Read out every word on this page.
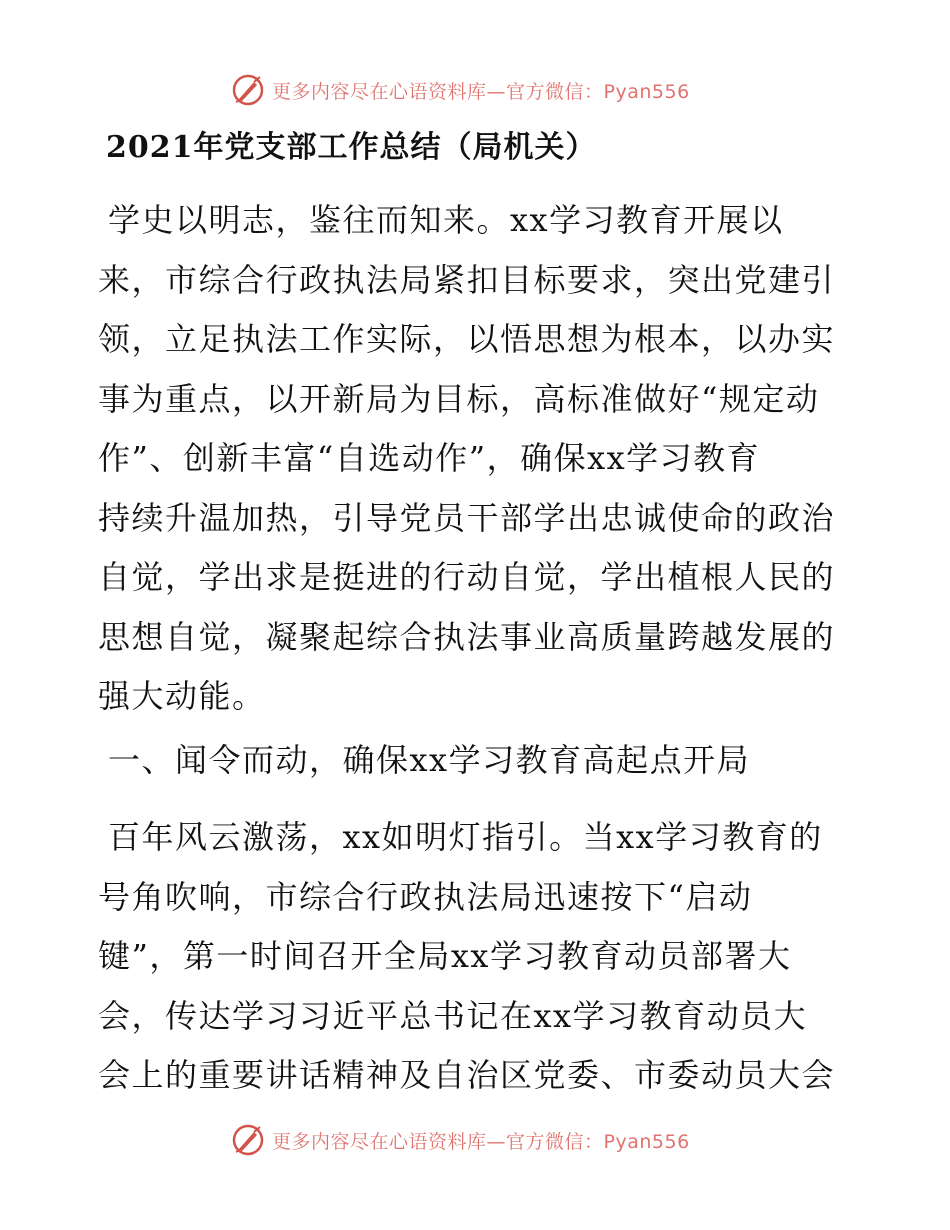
更多内容尽在心语资料库—官方微信：Pyan556
2021年党支部工作总结（局机关）

学史以明志，鉴往而知来。xx学习教育开展以
来，市综合行政执法局紧扣目标要求，突出党建引
领，立足执法工作实际，以悟思想为根本，以办实
事为重点，以开新局为目标，高标准做好“规定动
作”、创新丰富“自选动作”，确保xx学习教育
持续升温加热，引导党员干部学出忠诚使命的政治
自觉，学出求是挺进的行动自觉，学出植根人民的
思想自觉，凝聚起综合执法事业高质量跨越发展的
强大动能。

一、闻令而动，确保xx学习教育高起点开局

百年风云激荡，xx如明灯指引。当xx学习教育的
号角吹响，市综合行政执法局迅速按下“启动
键”，第一时间召开全局xx学习教育动员部署大
会，传达学习习近平总书记在xx学习教育动员大
会上的重要讲话精神及自治区党委、市委动员大会

更多内容尽在心语资料库—官方微信：Pyan556
